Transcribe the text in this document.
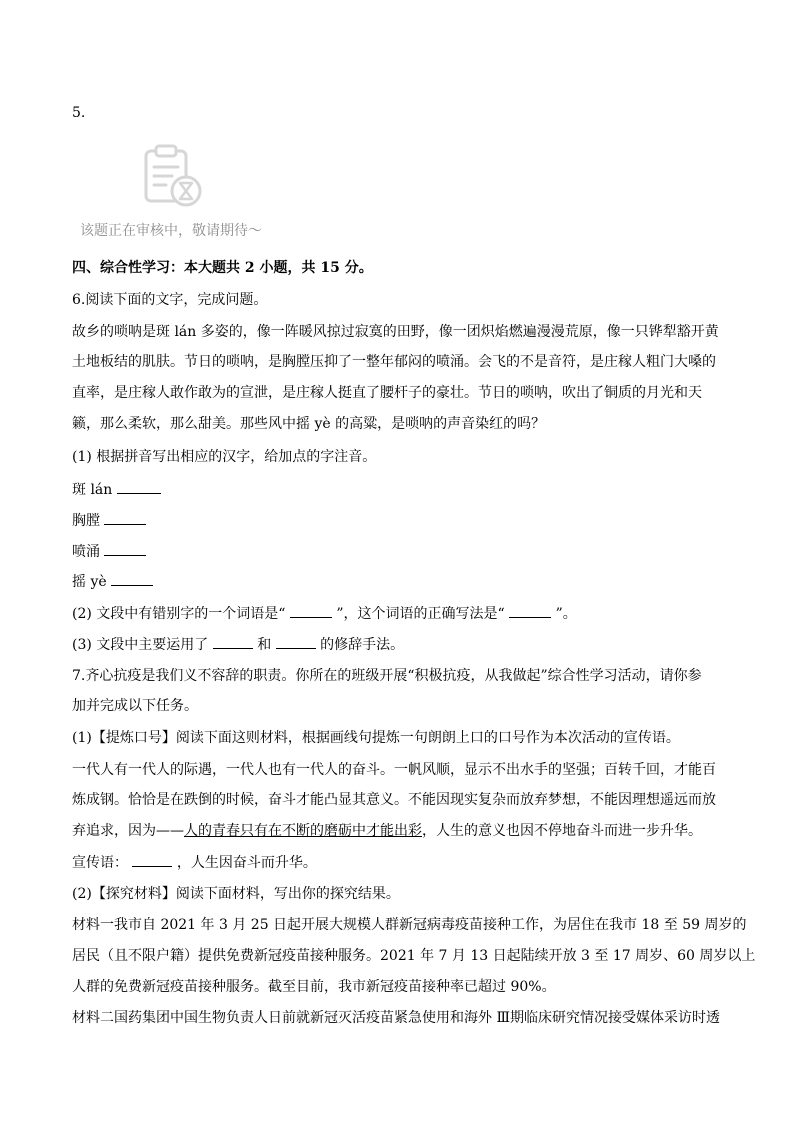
5.
该题正在审核中，敬请期待～
四、综合性学习：本大题共 2 小题，共 15 分。
6.阅读下面的文字，完成问题。
故乡的唢呐是斑 lán 多姿的，像一阵暖风掠过寂寞的田野，像一团炽焰燃遍漫漫荒原，像一只铧犁豁开黄
土地板结的肌肤。节日的唢呐，是胸膛压抑了一整年郁闷的喷涌。会飞的不是音符，是庄稼人粗门大嗓的
直率，是庄稼人敢作敢为的宣泄，是庄稼人挺直了腰杆子的豪壮。节日的唢呐，吹出了铜质的月光和天
籁，那么柔软，那么甜美。那些风中摇 yè 的高粱，是唢呐的声音染红的吗？
(1) 根据拼音写出相应的汉字，给加点的字注音。
斑 lán
胸膛
喷涌
摇 yè
(2) 文段中有错别字的一个词语是“	”，这个词语的正确写法是“	”。
(3) 文段中主要运用了	和	的修辞手法。
7.齐心抗疫是我们义不容辞的职责。你所在的班级开展“积极抗疫，从我做起”综合性学习活动，请你参
加并完成以下任务。
(1)【提炼口号】阅读下面这则材料，根据画线句提炼一句朗朗上口的口号作为本次活动的宣传语。
一代人有一代人的际遇，一代人也有一代人的奋斗。一帆风顺，显示不出水手的坚强；百转千回，才能百
炼成钢。恰恰是在跌倒的时候，奋斗才能凸显其意义。不能因现实复杂而放弃梦想，不能因理想遥远而放
弃追求，因为——人的青春只有在不断的磨砺中才能出彩，人生的意义也因不停地奋斗而进一步升华。
宣传语：	，人生因奋斗而升华。
(2)【探究材料】阅读下面材料，写出你的探究结果。
材料一我市自 2021 年 3 月 25 日起开展大规模人群新冠病毒疫苗接种工作，为居住在我市 18 至 59 周岁的
居民（且不限户籍）提供免费新冠疫苗接种服务。2021 年 7 月 13 日起陆续开放 3 至 17 周岁、60 周岁以上
人群的免费新冠疫苗接种服务。截至目前，我市新冠疫苗接种率已超过 90%。
材料二国药集团中国生物负责人日前就新冠灭活疫苗紧急使用和海外 Ⅲ期临床研究情况接受媒体采访时透
